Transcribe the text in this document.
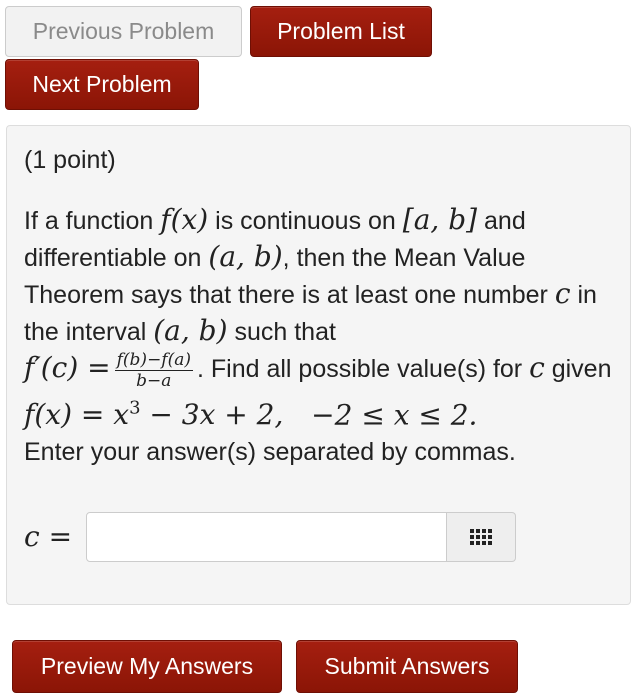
Previous Problem	Problem List
Next Problem
(1 point)
If a function f(x) is continuous on [a, b] and differentiable on (a, b), then the Mean Value Theorem says that there is at least one number c in the interval (a, b) such that
$f'(c) = \frac{f(b)-f(a)}{b-a}$ . Find all possible value(s) for c given $f(x) = x^3 - 3x + 2$, −2 ≤ x ≤ 2.
Enter your answer(s) separated by commas.
c =
Preview My Answers	Submit Answers
